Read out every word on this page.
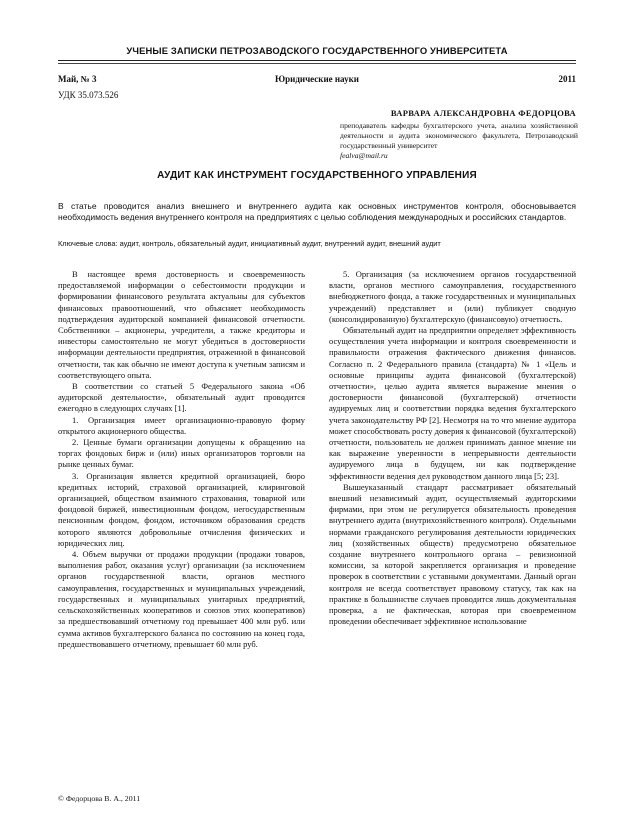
УЧЕНЫЕ ЗАПИСКИ ПЕТРОЗАВОДСКОГО ГОСУДАРСТВЕННОГО УНИВЕРСИТЕТА
Май, № 3	Юридические науки	2011
УДК 35.073.526
ВАРВАРА АЛЕКСАНДРОВНА ФЕДОРЦОВА
преподаватель кафедры бухгалтерского учета, анализа хозяйственной деятельности и аудита экономического факультета, Петрозаводский государственный университет
fealva@mail.ru
АУДИТ КАК ИНСТРУМЕНТ ГОСУДАРСТВЕННОГО УПРАВЛЕНИЯ
В статье проводится анализ внешнего и внутреннего аудита как основных инструментов контроля, обосновывается необходимость ведения внутреннего контроля на предприятиях с целью соблюдения международных и российских стандартов.
Ключевые слова: аудит, контроль, обязательный аудит, инициативный аудит, внутренний аудит, внешний аудит

В настоящее время достоверность и своевременность предоставляемой информации о себестоимости продукции и формировании финансового результата актуальны для субъектов финансовых правоотношений, что объясняет необходимость подтверждения аудиторской компанией финансовой отчетности. Собственники – акционеры, учредители, а также кредиторы и инвесторы самостоятельно не могут убедиться в достоверности информации деятельности предприятия, отраженной в финансовой отчетности, так как обычно не имеют доступа к учетным записям и соответствующего опыта.

В соответствии со статьей 5 Федерального закона «Об аудиторской деятельности», обязательный аудит проводится ежегодно в следующих случаях [1].

1. Организация имеет организационно-правовую форму открытого акционерного общества.

2. Ценные бумаги организации допущены к обращению на торгах фондовых бирж и (или) иных организаторов торговли на рынке ценных бумаг.

3. Организация является кредитной организацией, бюро кредитных историй, страховой организацией, клиринговой организацией, обществом взаимного страхования, товарной или фондовой биржей, инвестиционным фондом, негосударственным пенсионным фондом, фондом, источником образования средств которого являются добровольные отчисления физических и юридических лиц.

4. Объем выручки от продажи продукции (продажи товаров, выполнения работ, оказания услуг) организации (за исключением органов государственной власти, органов местного самоуправления, государственных и муниципальных учреждений, государственных и муниципальных унитарных предприятий, сельскохозяйственных кооперативов и союзов этих кооперативов) за предшествовавший отчетному год превышает 400 млн руб. или сумма активов бухгалтерского баланса по состоянию на конец года, предшествовавшего отчетному, превышает 60 млн руб.

5. Организация (за исключением органов государственной власти, органов местного самоуправления, государственного внебюджетного фонда, а также государственных и муниципальных учреждений) представляет и (или) публикует сводную (консолидированную) бухгалтерскую (финансовую) отчетность.

Обязательный аудит на предприятии определяет эффективность осуществления учета информации и контроля своевременности и правильности отражения фактического движения финансов. Согласно п. 2 Федерального правила (стандарта) № 1 «Цель и основные принципы аудита финансовой (бухгалтерской) отчетности», целью аудита является выражение мнения о достоверности финансовой (бухгалтерской) отчетности аудируемых лиц и соответствии порядка ведения бухгалтерского учета законодательству РФ [2]. Несмотря на то что мнение аудитора может способствовать росту доверия к финансовой (бухгалтерской) отчетности, пользователь не должен принимать данное мнение ни как выражение уверенности в непрерывности деятельности аудируемого лица в будущем, ни как подтверждение эффективности ведения дел руководством данного лица [5; 23].

Вышеуказанный стандарт рассматривает обязательный внешний независимый аудит, осуществляемый аудиторскими фирмами, при этом не регулируется обязательность проведения внутреннего аудита (внутрихозяйственного контроля). Отдельными нормами гражданского регулирования деятельности юридических лиц (хозяйственных обществ) предусмотрено обязательное создание внутреннего контрольного органа – ревизионной комиссии, за которой закрепляется организация и проведение проверок в соответствии с уставными документами. Данный орган контроля не всегда соответствует правовому статусу, так как на практике в большинстве случаев проводится лишь документальная проверка, а не фактическая, которая при своевременном проведении обеспечивает эффективное использование

© Федорцова В. А., 2011
